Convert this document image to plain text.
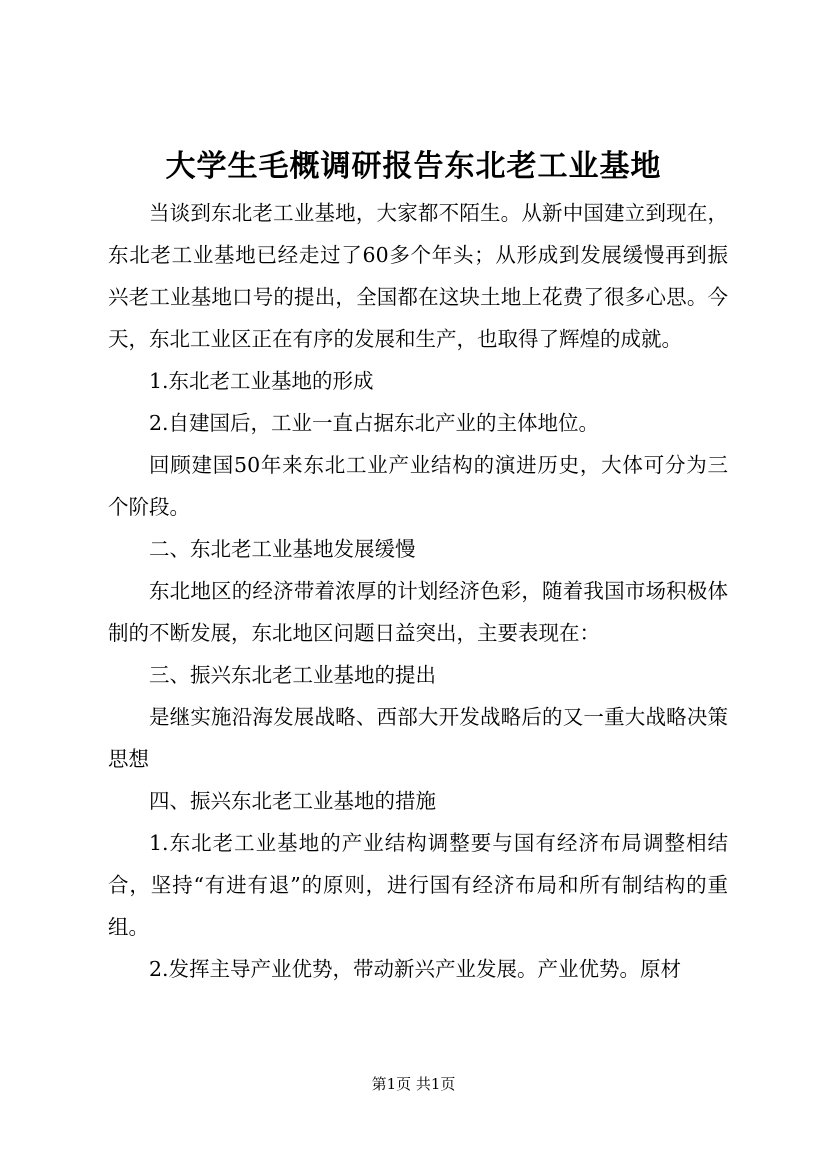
大学生毛概调研报告东北老工业基地

当谈到东北老工业基地，大家都不陌生。从新中国建立到现在，东北老工业基地已经走过了60多个年头；从形成到发展缓慢再到振兴老工业基地口号的提出，全国都在这块土地上花费了很多心思。今天，东北工业区正在有序的发展和生产，也取得了辉煌的成就。

1.东北老工业基地的形成

2.自建国后，工业一直占据东北产业的主体地位。

回顾建国50年来东北工业产业结构的演进历史，大体可分为三个阶段。

二、东北老工业基地发展缓慢

东北地区的经济带着浓厚的计划经济色彩，随着我国市场积极体制的不断发展，东北地区问题日益突出，主要表现在：

三、振兴东北老工业基地的提出

是继实施沿海发展战略、西部大开发战略后的又一重大战略决策思想

四、振兴东北老工业基地的措施

1.东北老工业基地的产业结构调整要与国有经济布局调整相结合，坚持“有进有退”的原则，进行国有经济布局和所有制结构的重组。

2.发挥主导产业优势，带动新兴产业发展。产业优势。原材

第1页 共1页
